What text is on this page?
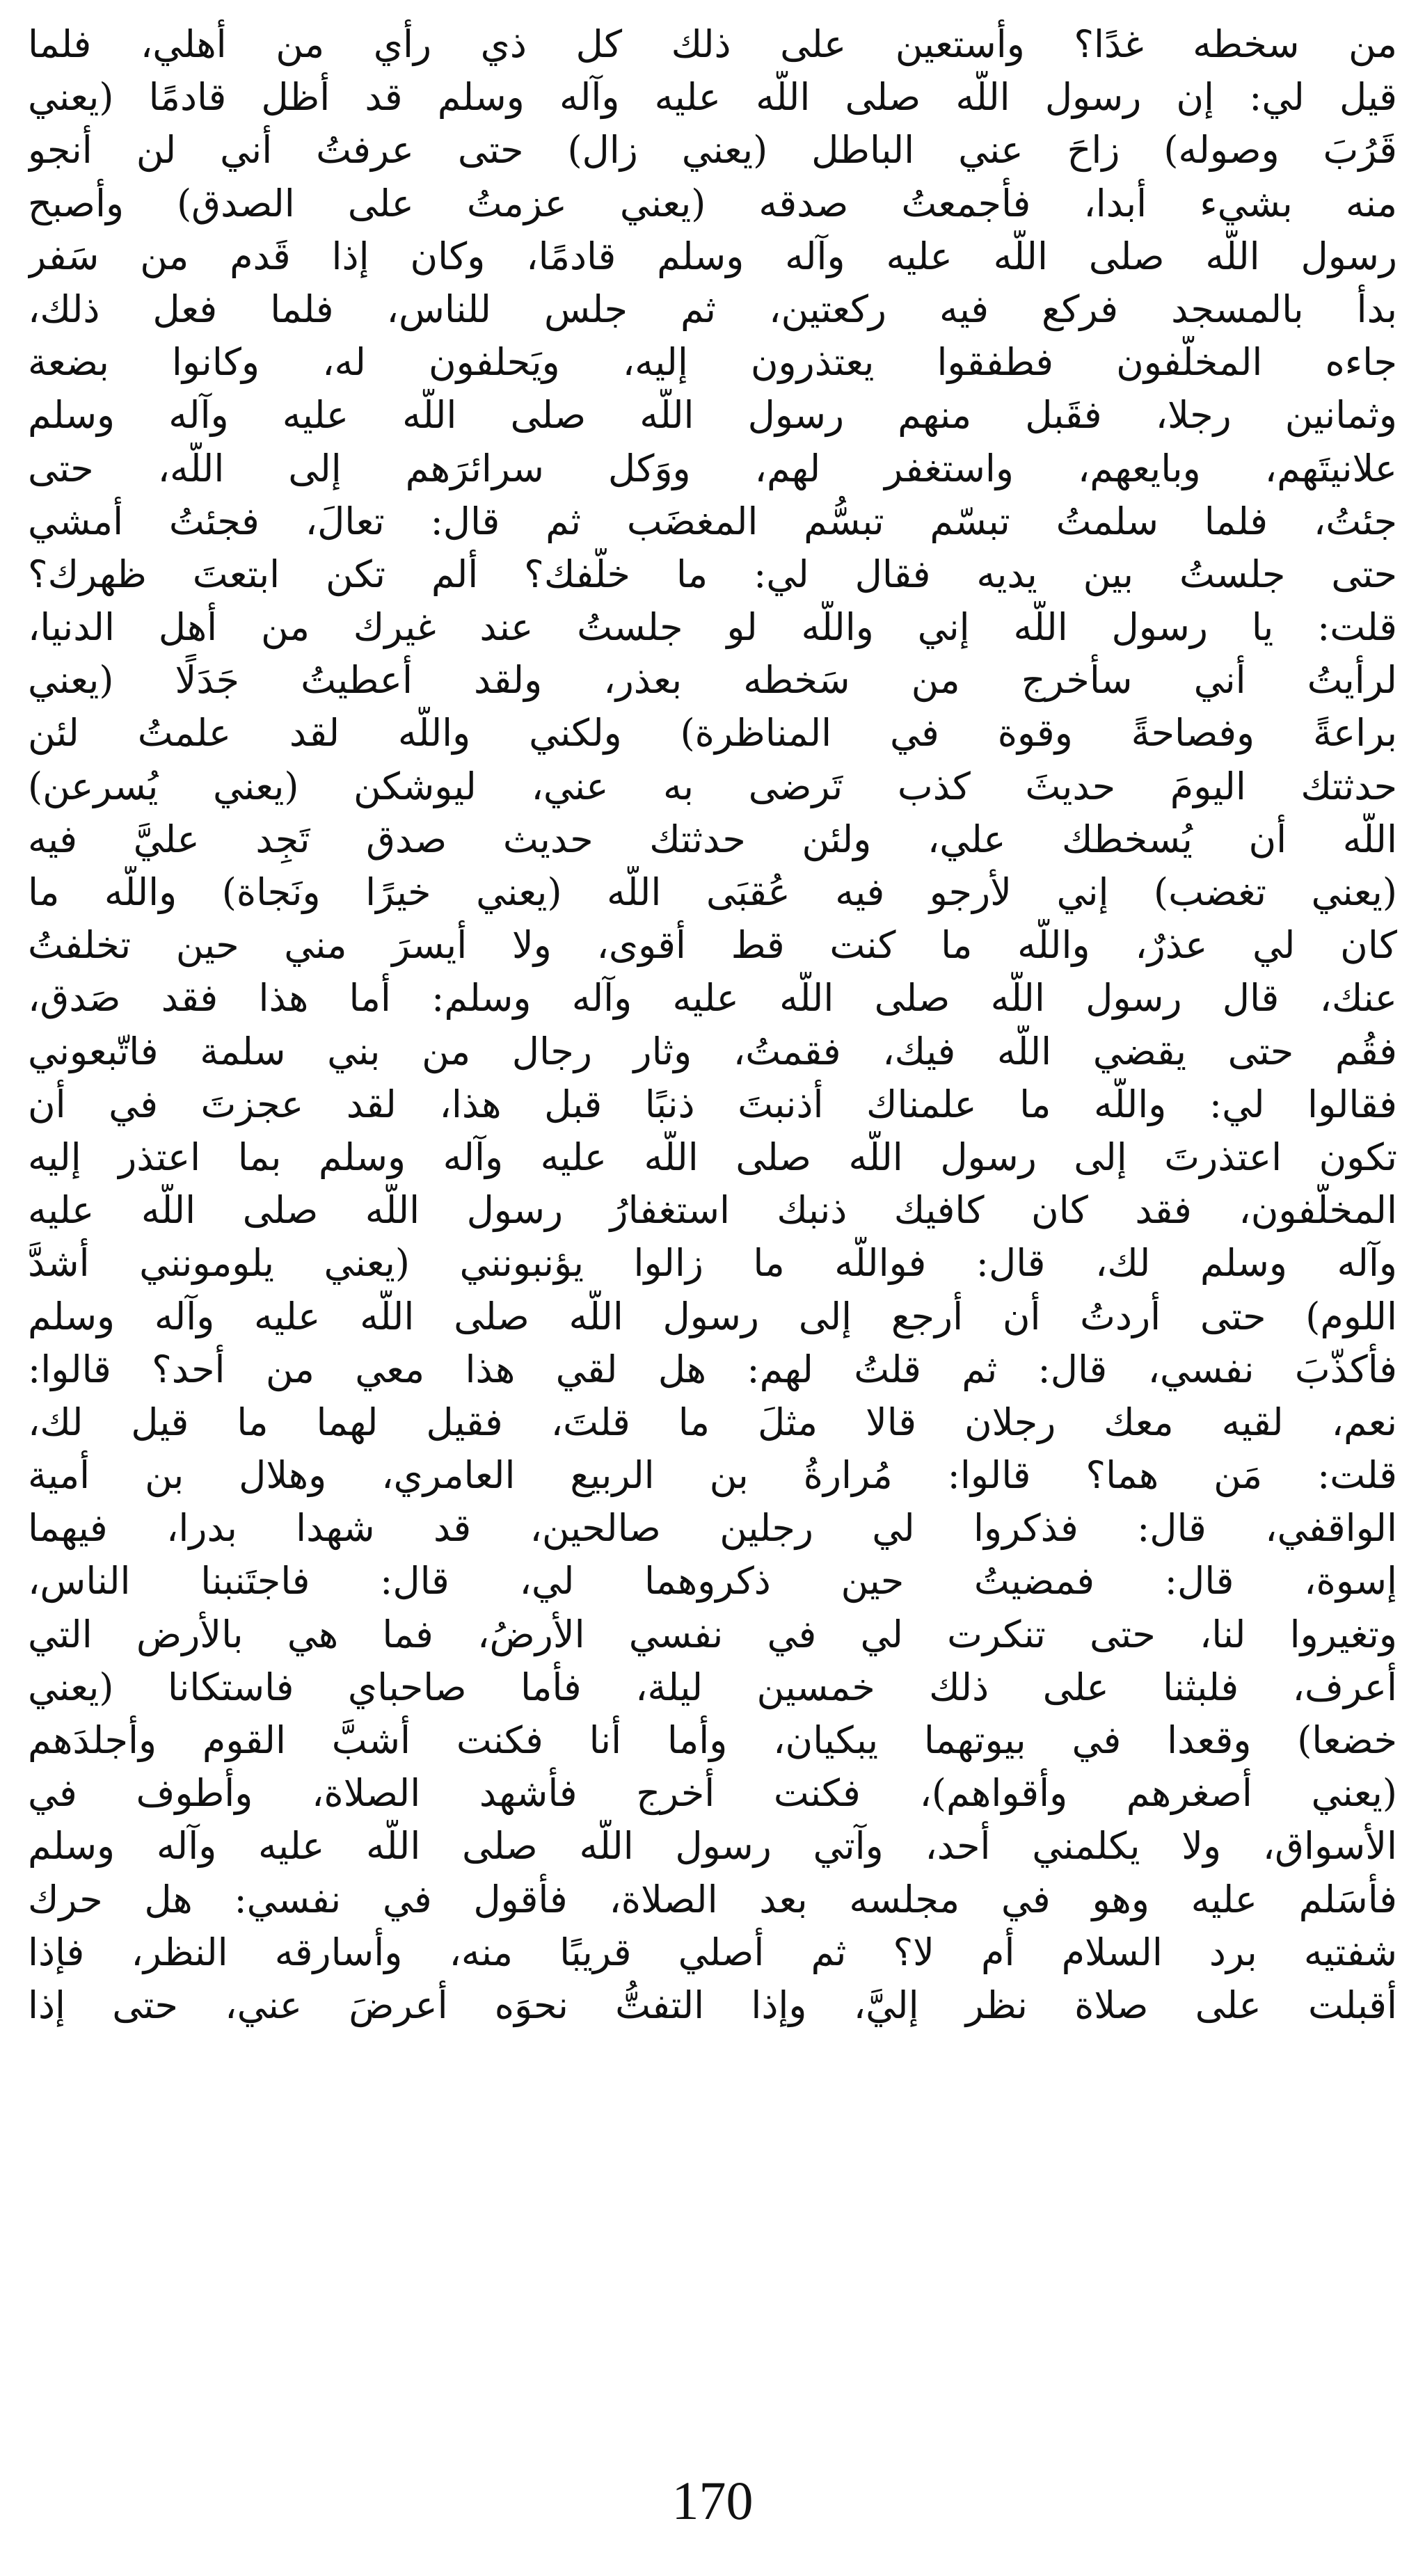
من سخطه غدًا؟ وأستعين على ذلك كل ذي رأي من أهلي، فلما
قيل لي: إن رسول اللّه صلى اللّه عليه وآله وسلم قد أظل قادمًا (يعني
قَرُبَ وصوله) زاحَ عني الباطل (يعني زال) حتى عرفتُ أني لن أنجو
منه بشيء أبدا، فأجمعتُ صدقه (يعني عزمتُ على الصدق) وأصبح
رسول اللّه صلى اللّه عليه وآله وسلم قادمًا، وكان إذا قَدم من سَفر
بدأ بالمسجد فركع فيه ركعتين، ثم جلس للناس، فلما فعل ذلك،
جاءه المخلّفون فطفقوا يعتذرون إليه، ويَحلفون له، وكانوا بضعة
وثمانين رجلا، فقَبل منهم رسول اللّه صلى اللّه عليه وآله وسلم
علانيتَهم، وبايعهم، واستغفر لهم، ووَكل سرائرَهم إلى اللّه، حتى
جئتُ، فلما سلمتُ تبسّم تبسُّم المغضَب ثم قال: تعالَ، فجئتُ أمشي
حتى جلستُ بين يديه فقال لي: ما خلّفك؟ ألم تكن ابتعتَ ظهرك؟
قلت: يا رسول اللّه إني واللّه لو جلستُ عند غيرك من أهل الدنيا،
لرأيتُ أني سأخرج من سَخطه بعذر، ولقد أعطيتُ جَدَلًا (يعني
براعةً وفصاحةً وقوة في المناظرة) ولكني واللّه لقد علمتُ لئن
حدثتك اليومَ حديثَ كذب تَرضى به عني، ليوشكن (يعني يُسرعن)
اللّه أن يُسخطك علي، ولئن حدثتك حديث صدق تَجِد عليَّ فيه
(يعني تغضب) إني لأرجو فيه عُقبَى اللّه (يعني خيرًا ونَجاة) واللّه ما
كان لي عذرٌ، واللّه ما كنت قط أقوى، ولا أيسرَ مني حين تخلفتُ
عنك، قال رسول اللّه صلى اللّه عليه وآله وسلم: أما هذا فقد صَدق،
فقُم حتى يقضي اللّه فيك، فقمتُ، وثار رجال من بني سلمة فاتّبعوني
فقالوا لي: واللّه ما علمناك أذنبتَ ذنبًا قبل هذا، لقد عجزتَ في أن
تكون اعتذرتَ إلى رسول اللّه صلى اللّه عليه وآله وسلم بما اعتذر إليه
المخلّفون، فقد كان كافيك ذنبك استغفارُ رسول اللّه صلى اللّه عليه
وآله وسلم لك، قال: فواللّه ما زالوا يؤنبونني (يعني يلومونني أشدَّ
اللوم) حتى أردتُ أن أرجع إلى رسول اللّه صلى اللّه عليه وآله وسلم
فأكذّبَ نفسي، قال: ثم قلتُ لهم: هل لقي هذا معي من أحد؟ قالوا:
نعم، لقيه معك رجلان قالا مثلَ ما قلتَ، فقيل لهما ما قيل لك،
قلت: مَن هما؟ قالوا: مُرارةُ بن الربيع العامري، وهلال بن أمية
الواقفي، قال: فذكروا لي رجلين صالحين، قد شهدا بدرا، فيهما
إسوة، قال: فمضيتُ حين ذكروهما لي، قال: فاجتَنبنا الناس،
وتغيروا لنا، حتى تنكرت لي في نفسي الأرضُ، فما هي بالأرض التي
أعرف، فلبثنا على ذلك خمسين ليلة، فأما صاحباي فاستكانا (يعني
خضعا) وقعدا في بيوتهما يبكيان، وأما أنا فكنت أشبَّ القوم وأجلدَهم
(يعني أصغرهم وأقواهم)، فكنت أخرج فأشهد الصلاة، وأطوف في
الأسواق، ولا يكلمني أحد، وآتي رسول اللّه صلى اللّه عليه وآله وسلم
فأسَلم عليه وهو في مجلسه بعد الصلاة، فأقول في نفسي: هل حرك
شفتيه برد السلام أم لا؟ ثم أصلي قريبًا منه، وأسارقه النظر، فإذا
أقبلت على صلاة نظر إليَّ، وإذا التفتُّ نحوَه أعرضَ عني، حتى إذا
170
